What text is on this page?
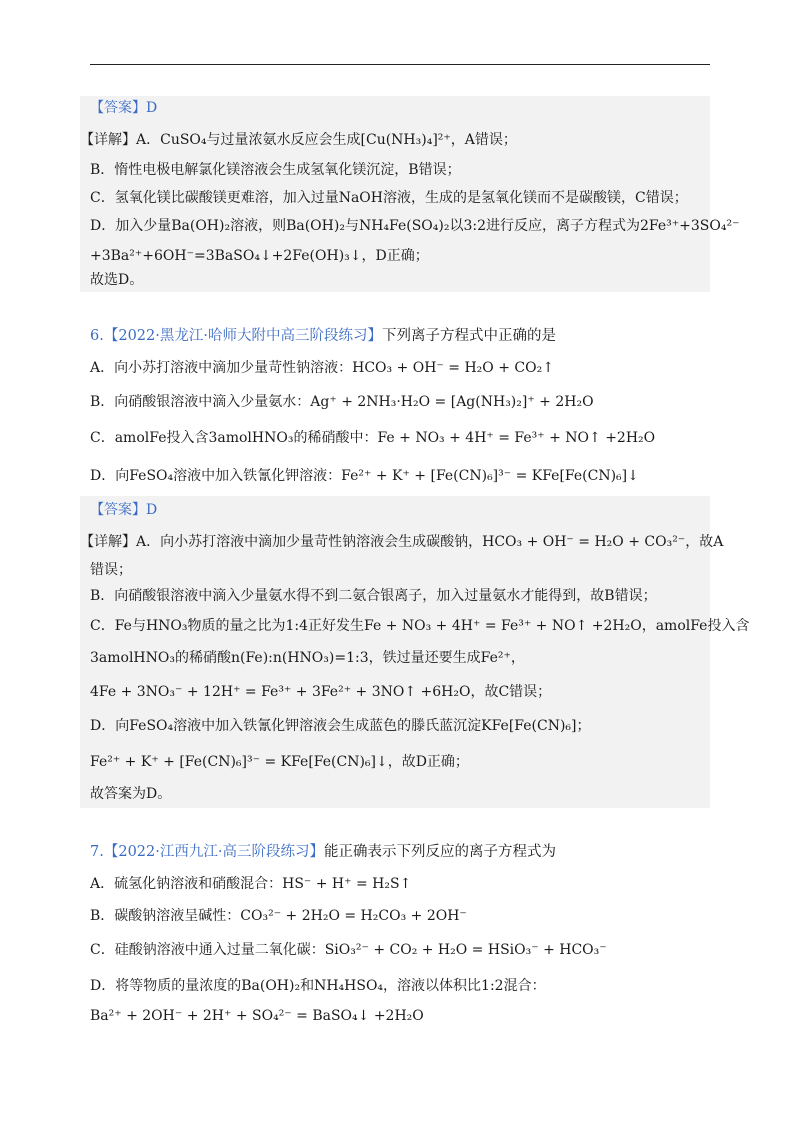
【答案】D
【详解】A．CuSO₄与过量浓氨水反应会生成[Cu(NH₃)₄]²⁺，A错误；
B．惰性电极电解氯化镁溶液会生成氢氧化镁沉淀，B错误；
C．氢氧化镁比碳酸镁更难溶，加入过量NaOH溶液，生成的是氢氧化镁而不是碳酸镁，C错误；
D．加入少量Ba(OH)₂溶液，则Ba(OH)₂与NH₄Fe(SO₄)₂以3:2进行反应，离子方程式为2Fe³⁺+3SO₄²⁻
+3Ba²⁺+6OH⁻=3BaSO₄↓+2Fe(OH)₃↓，D正确；
故选D。
6.【2022·黑龙江·哈师大附中高三阶段练习】下列离子方程式中正确的是
A．向小苏打溶液中滴加少量苛性钠溶液：HCO₃ + OH⁻ = H₂O + CO₂↑
B．向硝酸银溶液中滴入少量氨水：Ag⁺ + 2NH₃·H₂O = [Ag(NH₃)₂]⁺ + 2H₂O
C．amolFe投入含3amolHNO₃的稀硝酸中：Fe + NO₃ + 4H⁺ = Fe³⁺ + NO↑ +2H₂O
D．向FeSO₄溶液中加入铁氰化钾溶液：Fe²⁺ + K⁺ + [Fe(CN)₆]³⁻ = KFe[Fe(CN)₆]↓
【答案】D
【详解】A．向小苏打溶液中滴加少量苛性钠溶液会生成碳酸钠，HCO₃ + OH⁻ = H₂O + CO₃²⁻，故A
错误；
B．向硝酸银溶液中滴入少量氨水得不到二氨合银离子，加入过量氨水才能得到，故B错误；
C．Fe与HNO₃物质的量之比为1:4正好发生Fe + NO₃ + 4H⁺ = Fe³⁺ + NO↑ +2H₂O，amolFe投入含
3amolHNO₃的稀硝酸n(Fe):n(HNO₃)=1:3，铁过量还要生成Fe²⁺，
4Fe + 3NO₃⁻ + 12H⁺ = Fe³⁺ + 3Fe²⁺ + 3NO↑ +6H₂O，故C错误；
D．向FeSO₄溶液中加入铁氰化钾溶液会生成蓝色的滕氏蓝沉淀KFe[Fe(CN)₆]；
Fe²⁺ + K⁺ + [Fe(CN)₆]³⁻ = KFe[Fe(CN)₆]↓，故D正确；
故答案为D。
7.【2022·江西九江·高三阶段练习】能正确表示下列反应的离子方程式为
A．硫氢化钠溶液和硝酸混合：HS⁻ + H⁺ = H₂S↑
B．碳酸钠溶液呈碱性：CO₃²⁻ + 2H₂O = H₂CO₃ + 2OH⁻
C．硅酸钠溶液中通入过量二氧化碳：SiO₃²⁻ + CO₂ + H₂O = HSiO₃⁻ + HCO₃⁻
D．将等物质的量浓度的Ba(OH)₂和NH₄HSO₄，溶液以体积比1:2混合：
Ba²⁺ + 2OH⁻ + 2H⁺ + SO₄²⁻ = BaSO₄↓ +2H₂O
